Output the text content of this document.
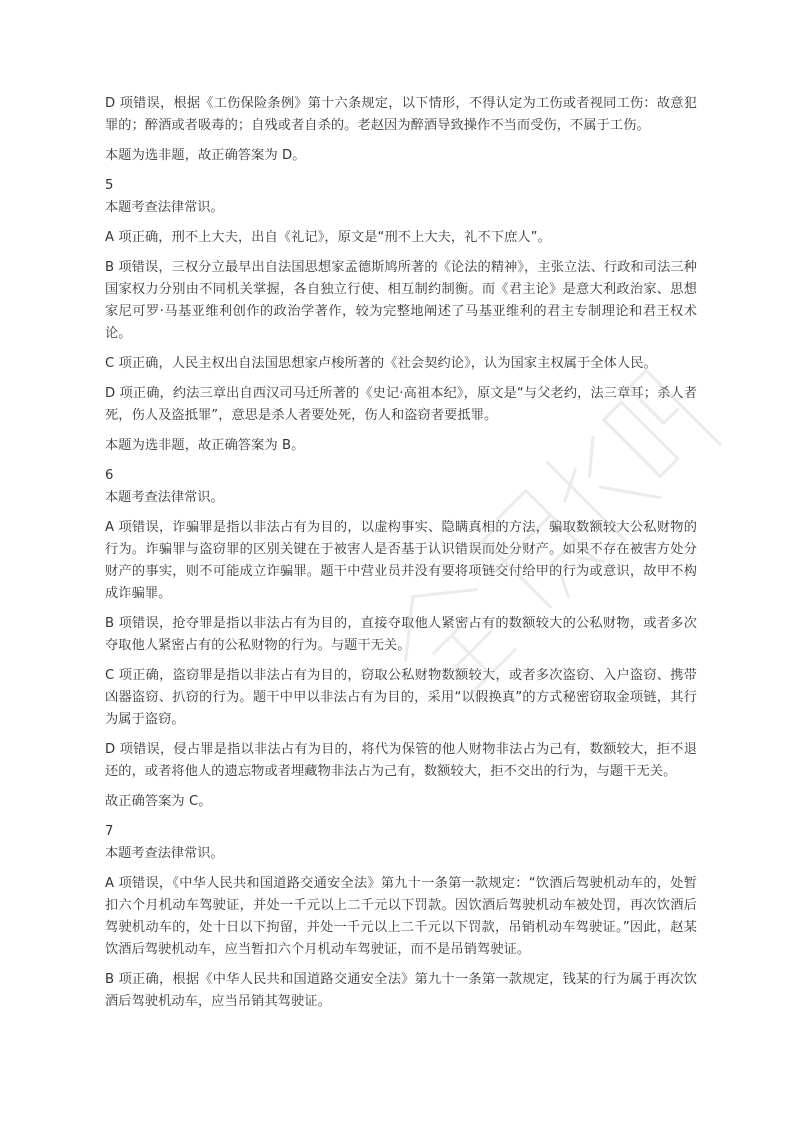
D 项错误，根据《工伤保险条例》第十六条规定，以下情形，不得认定为工伤或者视同工伤：故意犯罪的；醉酒或者吸毒的；自残或者自杀的。老赵因为醉酒导致操作不当而受伤，不属于工伤。

本题为选非题，故正确答案为 D。

5
本题考查法律常识。

A 项正确，刑不上大夫，出自《礼记》，原文是“刑不上大夫，礼不下庶人”。

B 项错误，三权分立最早出自法国思想家孟德斯鸠所著的《论法的精神》，主张立法、行政和司法三种国家权力分别由不同机关掌握，各自独立行使、相互制约制衡。而《君主论》是意大利政治家、思想家尼可罗·马基亚维利创作的政治学著作，较为完整地阐述了马基亚维利的君主专制理论和君王权术论。

C 项正确，人民主权出自法国思想家卢梭所著的《社会契约论》，认为国家主权属于全体人民。

D 项正确，约法三章出自西汉司马迁所著的《史记·高祖本纪》，原文是“与父老约，法三章耳；杀人者死，伤人及盗抵罪”，意思是杀人者要处死，伤人和盗窃者要抵罪。

本题为选非题，故正确答案为 B。

6
本题考查法律常识。

A 项错误，诈骗罪是指以非法占有为目的，以虚构事实、隐瞒真相的方法，骗取数额较大公私财物的行为。诈骗罪与盗窃罪的区别关键在于被害人是否基于认识错误而处分财产。如果不存在被害方处分财产的事实，则不可能成立诈骗罪。题干中营业员并没有要将项链交付给甲的行为或意识，故甲不构成诈骗罪。

B 项错误，抢夺罪是指以非法占有为目的，直接夺取他人紧密占有的数额较大的公私财物，或者多次夺取他人紧密占有的公私财物的行为。与题干无关。

C 项正确，盗窃罪是指以非法占有为目的，窃取公私财物数额较大，或者多次盗窃、入户盗窃、携带凶器盗窃、扒窃的行为。题干中甲以非法占有为目的，采用“以假换真”的方式秘密窃取金项链，其行为属于盗窃。

D 项错误，侵占罪是指以非法占有为目的，将代为保管的他人财物非法占为己有，数额较大，拒不退还的，或者将他人的遗忘物或者埋藏物非法占为己有，数额较大，拒不交出的行为，与题干无关。

故正确答案为 C。

7
本题考查法律常识。

A 项错误，《中华人民共和国道路交通安全法》第九十一条第一款规定：“饮酒后驾驶机动车的，处暂扣六个月机动车驾驶证，并处一千元以上二千元以下罚款。因饮酒后驾驶机动车被处罚，再次饮酒后驾驶机动车的，处十日以下拘留，并处一千元以上二千元以下罚款，吊销机动车驾驶证。”因此，赵某饮酒后驾驶机动车，应当暂扣六个月机动车驾驶证，而不是吊销驾驶证。

B 项正确，根据《中华人民共和国道路交通安全法》第九十一条第一款规定，钱某的行为属于再次饮酒后驾驶机动车，应当吊销其驾驶证。
